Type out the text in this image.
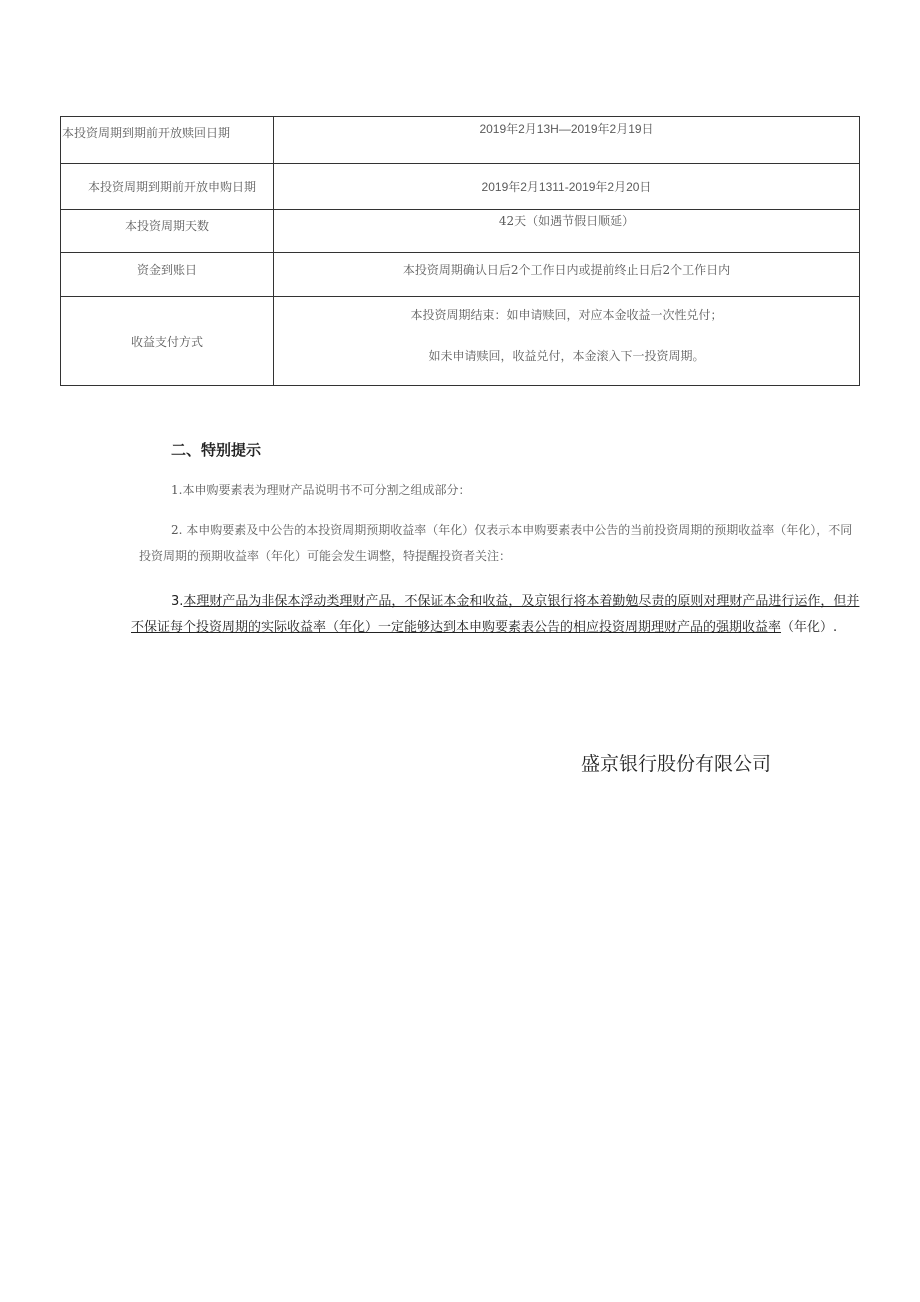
本投资周期到期前开放赎回日期	2019年2月13H—2019年2月19日

本投资周期到期前开放申购日期	2019年2月1311-2019年2月20日

本投资周期天数	42天（如遇节假日顺延）

资金到账日	本投资周期确认日后2个工作日内或提前终止日后2个工作日内

收益支付方式	本投资周期结束：如申请赎回，对应本金收益一次性兑付；
如未申请赎回，收益兑付，本金滚入下一投资周期。
二、特别提示

1.本申购要素表为理财产品说明书不可分割之组成部分：

2. 本申购要素及中公告的本投资周期预期收益率（年化）仅表示本申购要素表中公告的当前投资周期的预期收益率（年化），不同投资周期的预期收益率（年化）可能会发生调整，特提醒投资者关注：

3.本理财产品为非保本浮动类理财产品，不保证本金和收益，及京银行将本着勤勉尽责的原则对理财产品进行运作，但并不保证每个投资周期的实际收益率（年化）一定能够达到本申购要素表公告的相应投资周期理财产品的强期收益率（年化）.

盛京银行股份有限公司
